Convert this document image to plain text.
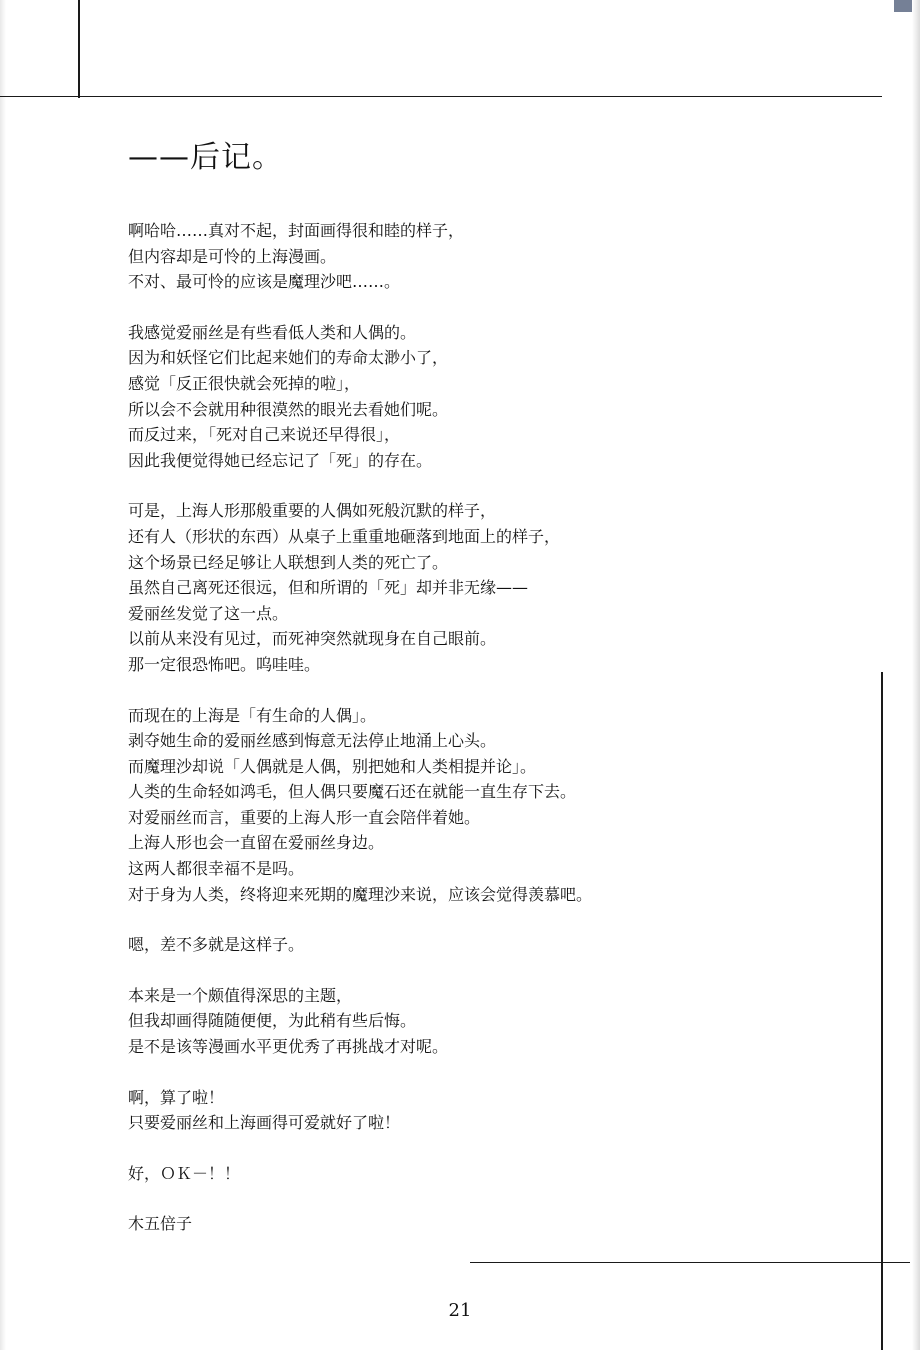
——后记。
啊哈哈……真对不起，封面画得很和睦的样子，
但内容却是可怜的上海漫画。
不对、最可怜的应该是魔理沙吧……。
我感觉爱丽丝是有些看低人类和人偶的。
因为和妖怪它们比起来她们的寿命太渺小了，
感觉「反正很快就会死掉的啦」，
所以会不会就用种很漠然的眼光去看她们呢。
而反过来，「死对自己来说还早得很」，
因此我便觉得她已经忘记了「死」的存在。
可是，上海人形那般重要的人偶如死般沉默的样子，
还有人（形状的东西）从桌子上重重地砸落到地面上的样子，
这个场景已经足够让人联想到人类的死亡了。
虽然自己离死还很远，但和所谓的「死」却并非无缘——
爱丽丝发觉了这一点。
以前从来没有见过，而死神突然就现身在自己眼前。
那一定很恐怖吧。呜哇哇。
而现在的上海是「有生命的人偶」。
剥夺她生命的爱丽丝感到悔意无法停止地涌上心头。
而魔理沙却说「人偶就是人偶，别把她和人类相提并论」。
人类的生命轻如鸿毛，但人偶只要魔石还在就能一直生存下去。
对爱丽丝而言，重要的上海人形一直会陪伴着她。
上海人形也会一直留在爱丽丝身边。
这两人都很幸福不是吗。
对于身为人类，终将迎来死期的魔理沙来说，应该会觉得羡慕吧。
嗯，差不多就是这样子。
本来是一个颇值得深思的主题，
但我却画得随随便便，为此稍有些后悔。
是不是该等漫画水平更优秀了再挑战才对呢。
啊，算了啦！
只要爱丽丝和上海画得可爱就好了啦！
好，ＯＫ－！！
木五倍子
21
